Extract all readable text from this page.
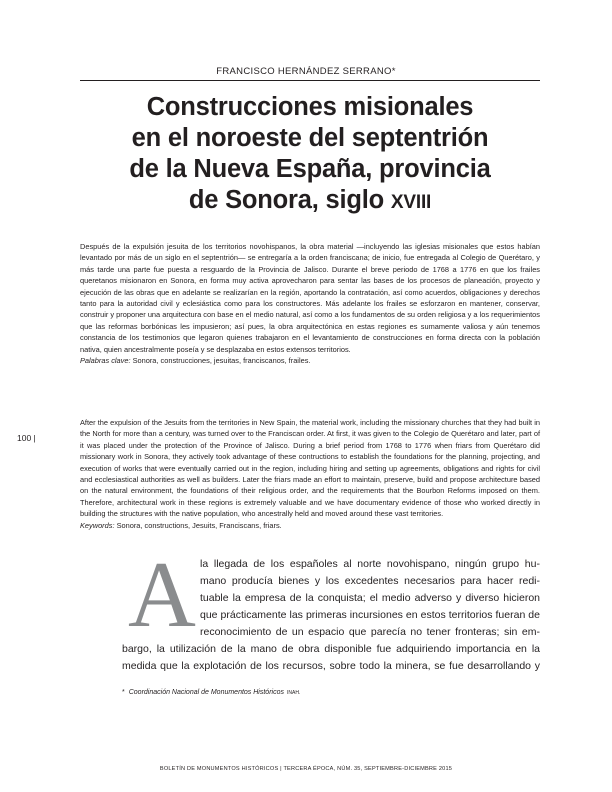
FRANCISCO HERNÁNDEZ SERRANO*
Construcciones misionales
en el noroeste del septentrión
de la Nueva España, provincia
de Sonora, siglo XVIII
Después de la expulsión jesuita de los territorios novohispanos, la obra material —incluyendo las iglesias misionales que estos habían levantado por más de un siglo en el septentrión— se entregaría a la orden franciscana; de inicio, fue entregada al Colegio de Querétaro, y más tarde una parte fue puesta a resguardo de la Provincia de Jalisco. Durante el breve periodo de 1768 a 1776 en que los frailes queretanos misionaron en Sonora, en forma muy activa aprovecharon para sentar las bases de los procesos de planeación, proyecto y ejecución de las obras que en adelante se realizarían en la región, aportando la contratación, así como acuerdos, obligaciones y derechos tanto para la autoridad civil y eclesiástica como para los constructores. Más adelante los frailes se esforzaron en mantener, conservar, construir y proponer una arquitectura con base en el medio natural, así como a los fundamentos de su orden religiosa y a los requerimientos que las reformas borbónicas les impusieron; así pues, la obra arquitectónica en estas regiones es sumamente valiosa y aún tenemos constancia de los testimonios que legaron quienes trabajaron en el levantamiento de construcciones en forma directa con la población nativa, quien ancestralmente poseía y se desplazaba en estos extensos territorios.
Palabras clave: Sonora, construcciones, jesuitas, franciscanos, frailes.
100 |
After the expulsion of the Jesuits from the territories in New Spain, the material work, including the missionary churches that they had built in the North for more than a century, was turned over to the Franciscan order. At first, it was given to the Colegio de Querétaro and later, part of it was placed under the protection of the Province of Jalisco. During a brief period from 1768 to 1776 when friars from Querétaro did missionary work in Sonora, they actively took advantage of these contructions to establish the foundations for the planning, projecting, and execution of works that were eventually carried out in the region, including hiring and setting up agreements, obligations and rights for civil and ecclesiastical authorities as well as builders. Later the friars made an effort to maintain, preserve, build and propose architecture based on the natural environment, the foundations of their religious order, and the requirements that the Bourbon Reforms imposed on them. Therefore, architectural work in these regions is extremely valuable and we have documentary evidence of those who worked directly in building the structures with the native population, who ancestrally held and moved around these vast territories.
Keywords: Sonora, constructions, Jesuits, Franciscans, friars.
A la llegada de los españoles al norte novohispano, ningún grupo hu-
mano producía bienes y los excedentes necesarios para hacer redi-
tuable la empresa de la conquista; el medio adverso y diverso hicieron
que prácticamente las primeras incursiones en estos territorios fueran de
reconocimiento de un espacio que parecía no tener fronteras; sin em-
bargo, la utilización de la mano de obra disponible fue adquiriendo importancia en la
medida que la explotación de los recursos, sobre todo la minera, se fue desarrollando y
* Coordinación Nacional de Monumentos Históricos INAH.
BOLETÍN DE MONUMENTOS HISTÓRICOS | TERCERA ÉPOCA, NÚM. 35, SEPTIEMBRE-DICIEMBRE 2015
